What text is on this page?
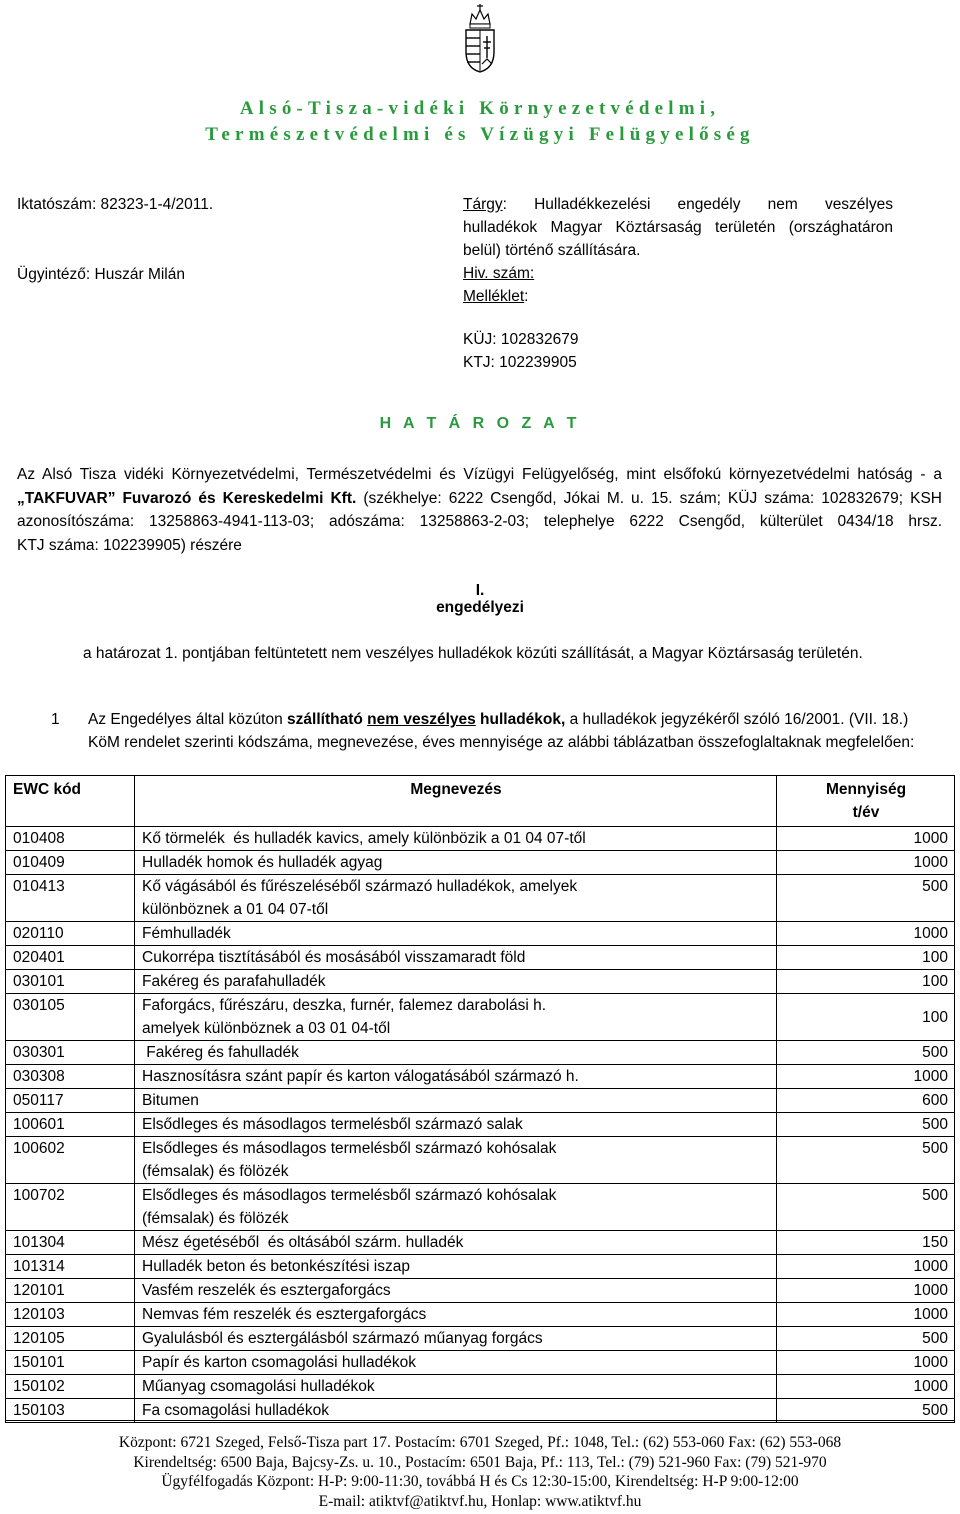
Alsó-Tisza-vidéki Környezetvédelmi,
Természetvédelmi és Vízügyi Felügyelőség
Iktatószám: 82323-1-4/2011.
Ügyintéző: Huszár Milán
Tárgy: Hulladékkezelési engedély nem veszélyes
hulladékok Magyar Köztársaság területén (országhatáron
belül) történő szállítására.
Hiv. szám:
Melléklet:
KÜJ: 102832679
KTJ: 102239905
H A T Á R O Z A T
Az Alsó Tisza vidéki Környezetvédelmi, Természetvédelmi és Vízügyi Felügyelőség, mint elsőfokú környezetvédelmi hatóság - a
„TAKFUVAR” Fuvarozó és Kereskedelmi Kft. (székhelye: 6222 Csengőd, Jókai M. u. 15. szám; KÜJ száma: 102832679; KSH
azonosítószáma: 13258863-4941-113-03; adószáma: 13258863-2-03; telephelye 6222 Csengőd, külterület 0434/18 hrsz.
KTJ száma: 102239905) részére
I.
engedélyezi
a határozat 1. pontjában feltüntetett nem veszélyes hulladékok közúti szállítását, a Magyar Köztársaság területén.
1 Az Engedélyes által közúton szállítható nem veszélyes hulladékok, a hulladékok jegyzékéről szóló 16/2001. (VII. 18.)
KöM rendelet szerinti kódszáma, megnevezése, éves mennyisége az alábbi táblázatban összefoglaltaknak megfelelően:
EWC kód	Megnevezés	Mennyiség
t/év
010408	Kő törmelék  és hulladék kavics, amely különbözik a 01 04 07-től	1000
010409	Hulladék homok és hulladék agyag	1000
010413	Kő vágásából és fűrészeléséből származó hulladékok, amelyek
különböznek a 01 04 07-től	500
020110	Fémhulladék	1000
020401	Cukorrépa tisztításából és mosásából visszamaradt föld	100
030101	Fakéreg és parafahulladék	100
030105	Faforgács, fűrészáru, deszka, furnér, falemez darabolási h.
amelyek különböznek a 03 01 04-től	100
030301	Fakéreg és fahulladék	500
030308	Hasznosításra szánt papír és karton válogatásából származó h.	1000
050117	Bitumen	600
100601	Elsődleges és másodlagos termelésből származó salak	500
100602	Elsődleges és másodlagos termelésből származó kohósalak
(fémsalak) és fölözék	500
100702	Elsődleges és másodlagos termelésből származó kohósalak
(fémsalak) és fölözék	500
101304	Mész égetéséből  és oltásából szárm. hulladék	150
101314	Hulladék beton és betonkészítési iszap	1000
120101	Vasfém reszelék és esztergaforgács	1000
120103	Nemvas fém reszelék és esztergaforgács	1000
120105	Gyalulásból és esztergálásból származó műanyag forgács	500
150101	Papír és karton csomagolási hulladékok	1000
150102	Műanyag csomagolási hulladékok	1000
150103	Fa csomagolási hulladékok	500
Központ: 6721 Szeged, Felső-Tisza part 17. Postacím: 6701 Szeged, Pf.: 1048, Tel.: (62) 553-060 Fax: (62) 553-068
Kirendeltség: 6500 Baja, Bajcsy-Zs. u. 10., Postacím: 6501 Baja, Pf.: 113, Tel.: (79) 521-960 Fax: (79) 521-970
Ügyfélfogadás Központ: H-P: 9:00-11:30, továbbá H és Cs 12:30-15:00, Kirendeltség: H-P 9:00-12:00
E-mail: atiktvf@atiktvf.hu, Honlap: www.atiktvf.hu
